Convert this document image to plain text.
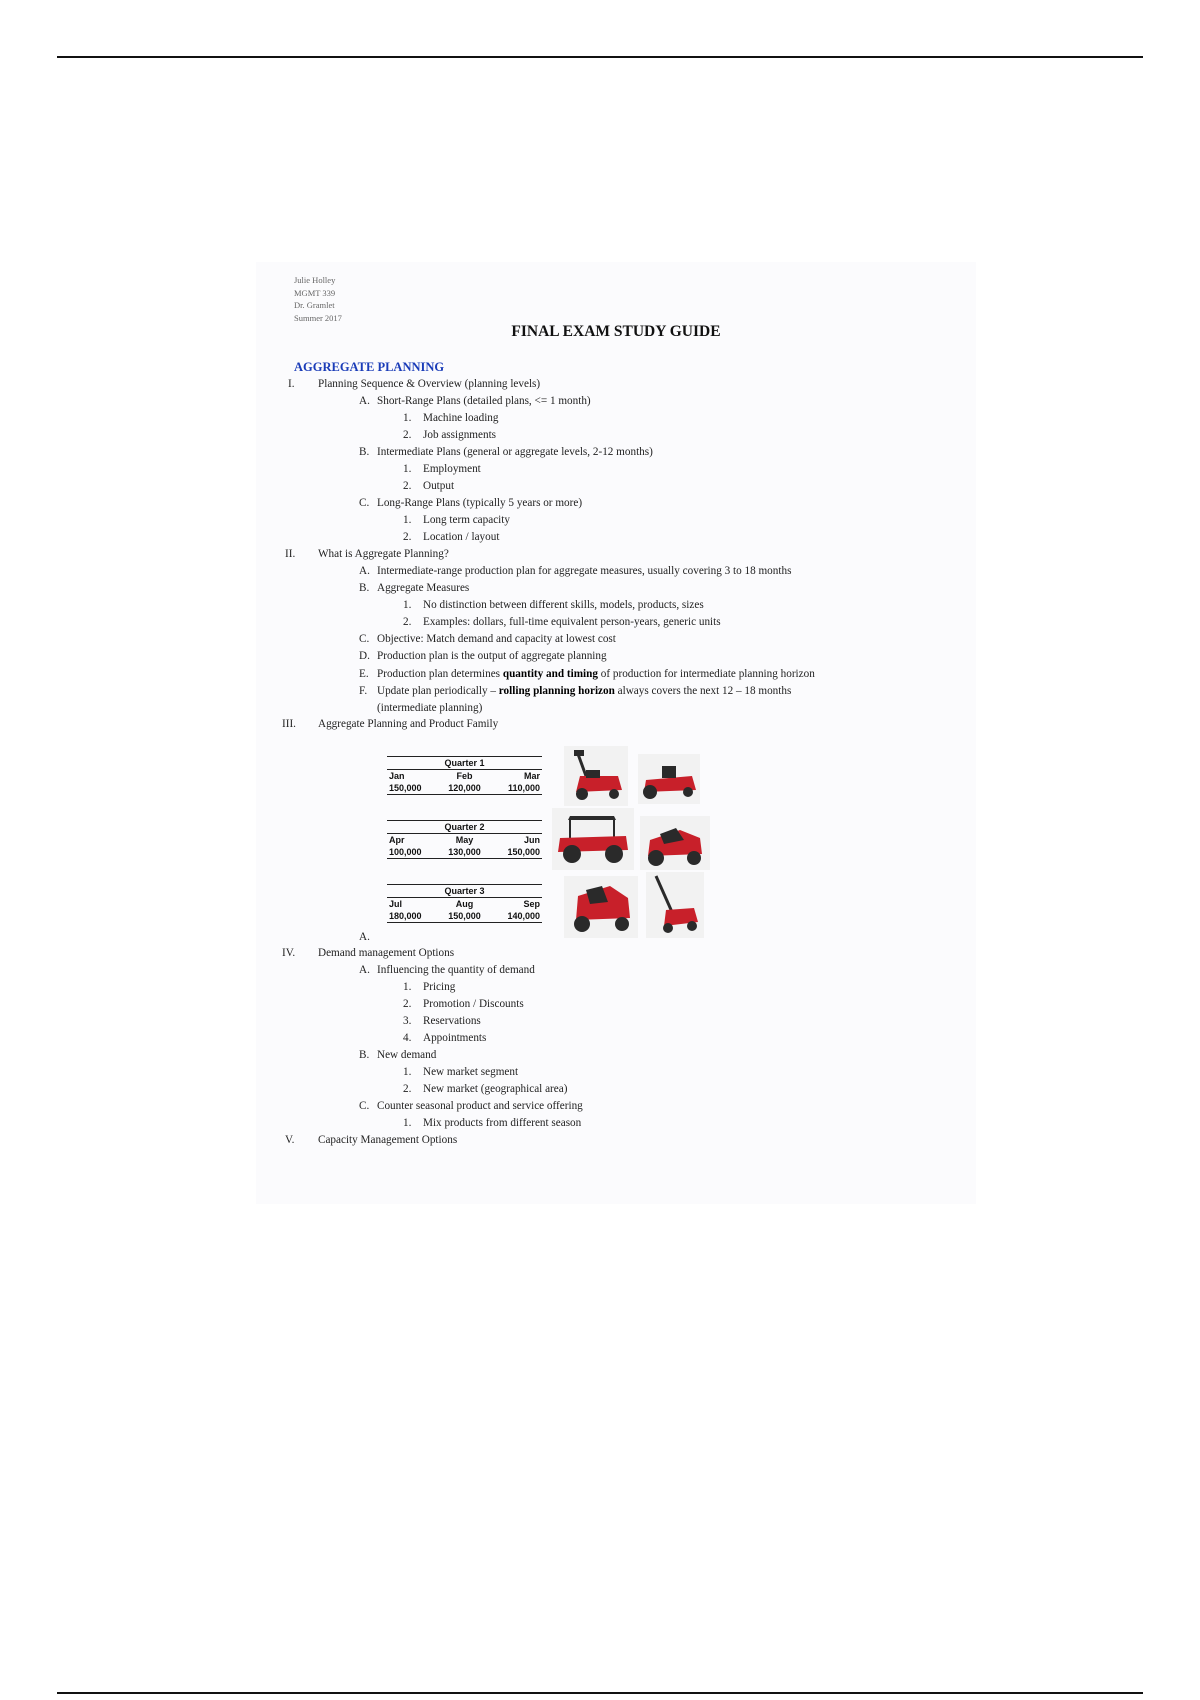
Julie Holley
MGMT 339
Dr. Gramlet
Summer 2017
FINAL EXAM STUDY GUIDE
AGGREGATE PLANNING
I. Planning Sequence & Overview (planning levels)
A. Short-Range Plans (detailed plans, <= 1 month)
1. Machine loading
2. Job assignments
B. Intermediate Plans (general or aggregate levels, 2-12 months)
1. Employment
2. Output
C. Long-Range Plans (typically 5 years or more)
1. Long term capacity
2. Location / layout
II. What is Aggregate Planning?
A. Intermediate-range production plan for aggregate measures, usually covering 3 to 18 months
B. Aggregate Measures
1. No distinction between different skills, models, products, sizes
2. Examples: dollars, full-time equivalent person-years, generic units
C. Objective: Match demand and capacity at lowest cost
D. Production plan is the output of aggregate planning
E. Production plan determines quantity and timing of production for intermediate planning horizon
F. Update plan periodically – rolling planning horizon always covers the next 12 – 18 months
(intermediate planning)
III. Aggregate Planning and Product Family
Quarter 1
Jan	Feb	Mar
150,000	120,000	110,000
Quarter 2
Apr	May	Jun
100,000	130,000	150,000
Quarter 3
Jul	Aug	Sep
180,000	150,000	140,000
A.
IV. Demand management Options
A. Influencing the quantity of demand
1. Pricing
2. Promotion / Discounts
3. Reservations
4. Appointments
B. New demand
1. New market segment
2. New market (geographical area)
C. Counter seasonal product and service offering
1. Mix products from different season
V. Capacity Management Options
